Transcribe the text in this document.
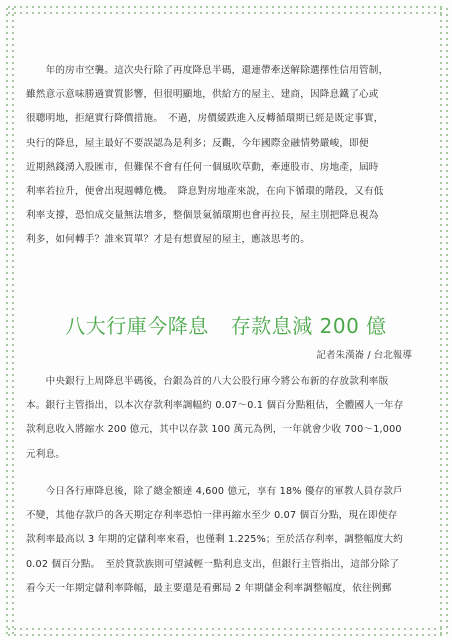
　　年的房市空襲。這次央行除了再度降息半碼，還連帶牽送解除選擇性信用管制，
雖然意示意味勝過實質影響，但很明顯地，供給方的屋主、建商，因降息鐵了心或
很聰明地，拒絕實行降價措施。　不過，房價緩跌進入反轉循環期已經是既定事實，
央行的降息，屋主最好不要誤認為是利多；反觀，今年國際金融情勢嚴峻，即便
近期熱錢湧入股匯市，但難保不會有任何一個風吹草動，牽連股市、房地產，屆時
利率若拉升，便會出現週轉危機。　降息對房地產來說，在向下循環的階段，又有低
利率支撐，恐怕成交量無法增多，整個景氣循環期也會再拉長，屋主別把降息視為
利多，如何轉手？誰來買單？才是有想賣屋的屋主，應該思考的。

八大行庫今降息 存款息減 200 億
記者朱漢崙 / 台北報導

　　中央銀行上周降息半碼後，台銀為首的八大公股行庫今將公布新的存放款利率版
本。銀行主管指出，以本次存款利率調幅約 0.07～0.1 個百分點粗估，全體國人一年存
款利息收入將縮水 200 億元，其中以存款 100 萬元為例，一年就會少收 700～1,000
元利息。

　　今日各行庫降息後，除了總金額達 4,600 億元，享有 18% 優存的軍教人員存款戶
不變，其他存款戶的各天期定存利率恐怕一律再縮水至少 0.07 個百分點，現在即使存
款利率最高以 3 年期的定儲利率來看，也僅剩 1.225%；至於活存利率，調整幅度大約
0.02 個百分點。　至於貸款族則可望減輕一點利息支出，但銀行主管指出，這部分除了
看今天一年期定儲利率降幅，最主要還是看郵局 2 年期儲金利率調整幅度，依往例郵
